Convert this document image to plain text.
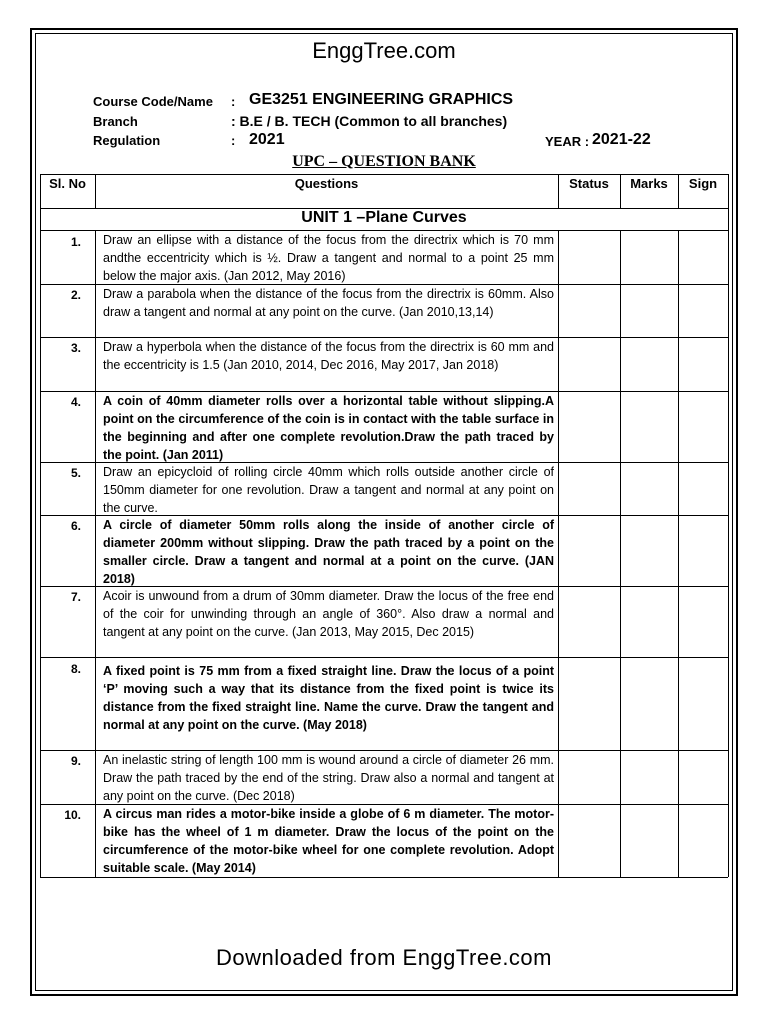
EnggTree.com
Course Code/Name : GE3251 ENGINEERING GRAPHICS
Branch	: B.E / B. TECH (Common to all branches)
Regulation	: 2021	YEAR : 2021-22
UPC – QUESTION BANK
Sl. No	Questions	Status	Marks	Sign
UNIT 1 –Plane Curves
1.	Draw an ellipse with a distance of the focus from the directrix which is 70 mm andthe eccentricity which is ½. Draw a tangent and normal to a point 25 mm below the major axis. (Jan 2012, May 2016)
2.	Draw a parabola when the distance of the focus from the directrix is 60mm. Also draw a tangent and normal at any point on the curve. (Jan 2010,13,14)
3.	Draw a hyperbola when the distance of the focus from the directrix is 60 mm and the eccentricity is 1.5 (Jan 2010, 2014, Dec 2016, May 2017, Jan 2018)
4.	A coin of 40mm diameter rolls over a horizontal table without slipping.A point on the circumference of the coin is in contact with the table surface in the beginning and after one complete revolution.Draw the path traced by the point. (Jan 2011)
5.	Draw an epicycloid of rolling circle 40mm which rolls outside another circle of 150mm diameter for one revolution. Draw a tangent and normal at any point on the curve.
6.	A circle of diameter 50mm rolls along the inside of another circle of diameter 200mm without slipping. Draw the path traced by a point on the smaller circle. Draw a tangent and normal at a point on the curve. (JAN 2018)
7.	Acoir is unwound from a drum of 30mm diameter. Draw the locus of the free end of the coir for unwinding through an angle of 360°. Also draw a normal and tangent at any point on the curve. (Jan 2013, May 2015, Dec 2015)
8.	A fixed point is 75 mm from a fixed straight line. Draw the locus of a point ‘P’ moving such a way that its distance from the fixed point is twice its distance from the fixed straight line. Name the curve. Draw the tangent and normal at any point on the curve. (May 2018)
9.	An inelastic string of length 100 mm is wound around a circle of diameter 26 mm. Draw the path traced by the end of the string. Draw also a normal and tangent at any point on the curve. (Dec 2018)
10.	A circus man rides a motor-bike inside a globe of 6 m diameter. The motor-bike has the wheel of 1 m diameter. Draw the locus of the point on the circumference of the motor-bike wheel for one complete revolution. Adopt suitable scale. (May 2014)
Downloaded from EnggTree.com
